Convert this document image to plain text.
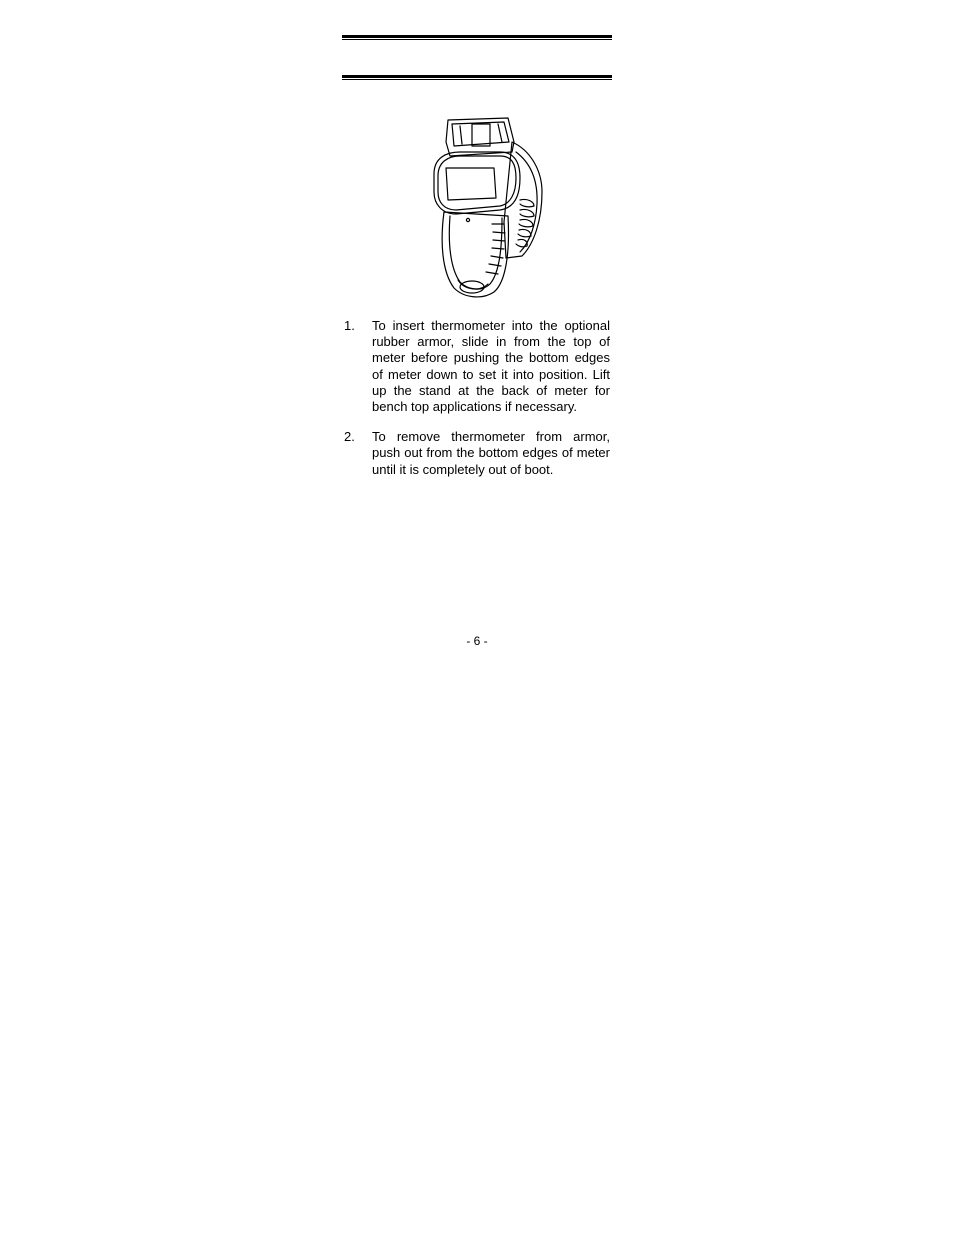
1.	To insert thermometer into the optional rubber armor, slide in from the top of meter before pushing the bottom edges of meter down to set it into position. Lift up the stand at the back of meter for bench top applications if necessary.
2.	To remove thermometer from armor, push out from the bottom edges of meter until it is completely out of boot.
- 6 -
